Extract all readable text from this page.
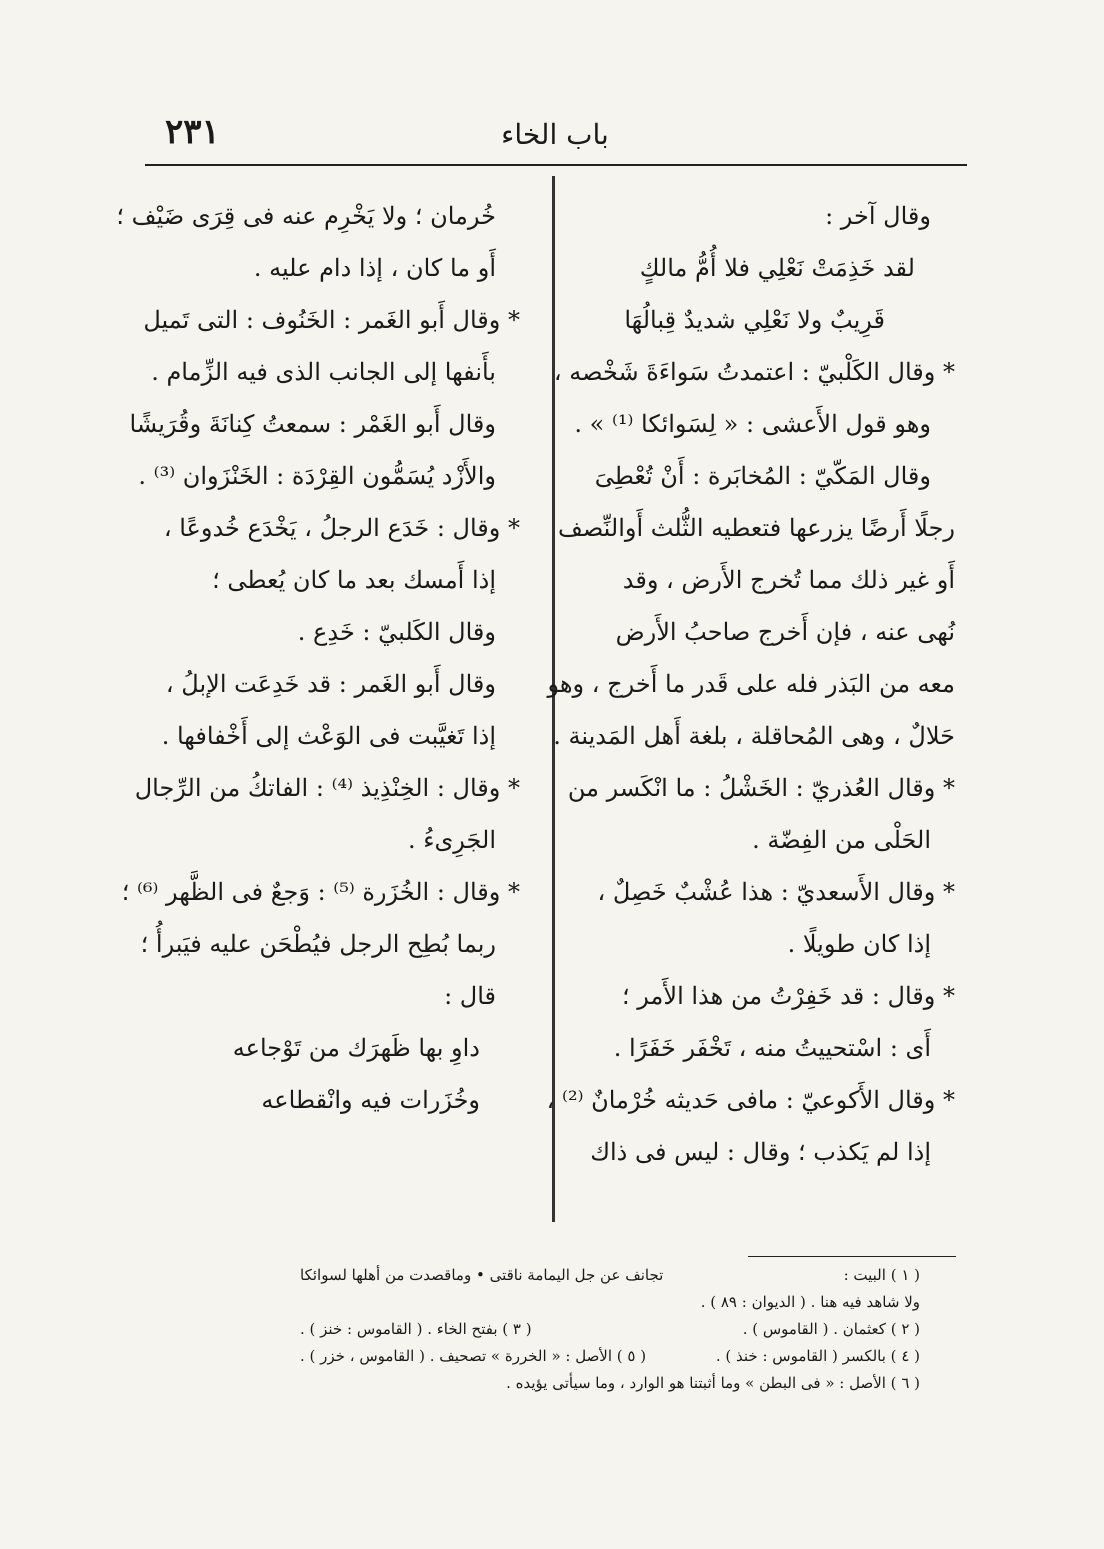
٢٣١	باب الخاء
وقال آخر :
لقد خَذِمَتْ نَعْلِي فلا أُمُّ مالكٍ
قَرِيبٌ ولا نَعْلِي شديدٌ قِبالُهَا
* وقال الكَلْبيّ : اعتمدتُ سَواءَةَ شَخْصه ،
وهو قول الأَعشى : « لِسَوائكا ⁽¹⁾ » .
وقال المَكّيّ : المُخابَرة : أَنْ تُعْطِىَ
رجلًا أَرضًا يزرعها فتعطيه الثُّلث أَوالنِّصف
أَو غير ذلك مما تُخرج الأَرض ، وقد
نُهى عنه ، فإن أَخرج صاحبُ الأَرض
معه من البَذر فله على قَدر ما أَخرج ، وهو
حَلالٌ ، وهى المُحاقلة ، بلغة أَهل المَدينة .
* وقال العُذريّ : الخَشْلُ : ما انْكَسر من
الحَلْى من الفِضّة .
* وقال الأَسعديّ : هذا عُشْبٌ خَصِلٌ ،
إذا كان طويلًا .
* وقال : قد خَفِرْتُ من هذا الأَمر ؛
أَى : اسْتحييتُ منه ، تَخْفَر خَفَرًا .
* وقال الأَكوعيّ : مافى حَديثه خُرْمانٌ ⁽²⁾ ،
إذا لم يَكذب ؛ وقال : ليس فى ذاك
خُرمان ؛ ولا يَخْرِم عنه فى قِرَى ضَيْف ؛
أَو ما كان ، إذا دام عليه .
* وقال أَبو الغَمر : الخَنُوف : التى تَميل
بأَنفها إلى الجانب الذى فيه الزِّمام .
وقال أَبو الغَمْر : سمعتُ كِنانَةَ وقُرَيشًا
والأَزْد يُسَمُّون القِرْدَة : الخَنْزَوان ⁽³⁾ .
* وقال : خَدَع الرجلُ ، يَخْدَع خُدوعًا ،
إذا أَمسك بعد ما كان يُعطى ؛
وقال الكَلبيّ : خَدِع .
وقال أَبو الغَمر : قد خَدِعَت الإبلُ ،
إذا تَغيَّبت فى الوَعْث إلى أَخْفافها .
* وقال : الخِنْذِيذ ⁽⁴⁾ : الفاتكُ من الرِّجال
الجَرِىءُ .
* وقال : الخُزَرة ⁽⁵⁾ : وَجعٌ فى الظَّهر ⁽⁶⁾ ؛
ربما بُطِح الرجل فيُطْحَن عليه فيَبرأُ ؛
قال :
داوِ بها ظَهرَك من تَوْجاعه
وخُزَرات فيه وانْقطاعه
( ١ ) البيت :
تجانف عن جل اليمامة ناقتى • وماقصدت من أهلها لسوائكا
ولا شاهد فيه هنا . ( الديوان : ٨٩ ) .
( ٢ ) كعثمان . ( القاموس ) .
( ٣ ) بفتح الخاء . ( القاموس : خنز ) .
( ٤ ) بالكسر ( القاموس : خنذ ) .
( ٥ ) الأصل : « الخررة » تصحيف . ( القاموس ، خزر ) .
( ٦ ) الأصل : « فى البطن » وما أثبتنا هو الوارد ، وما سيأتى يؤيده .
